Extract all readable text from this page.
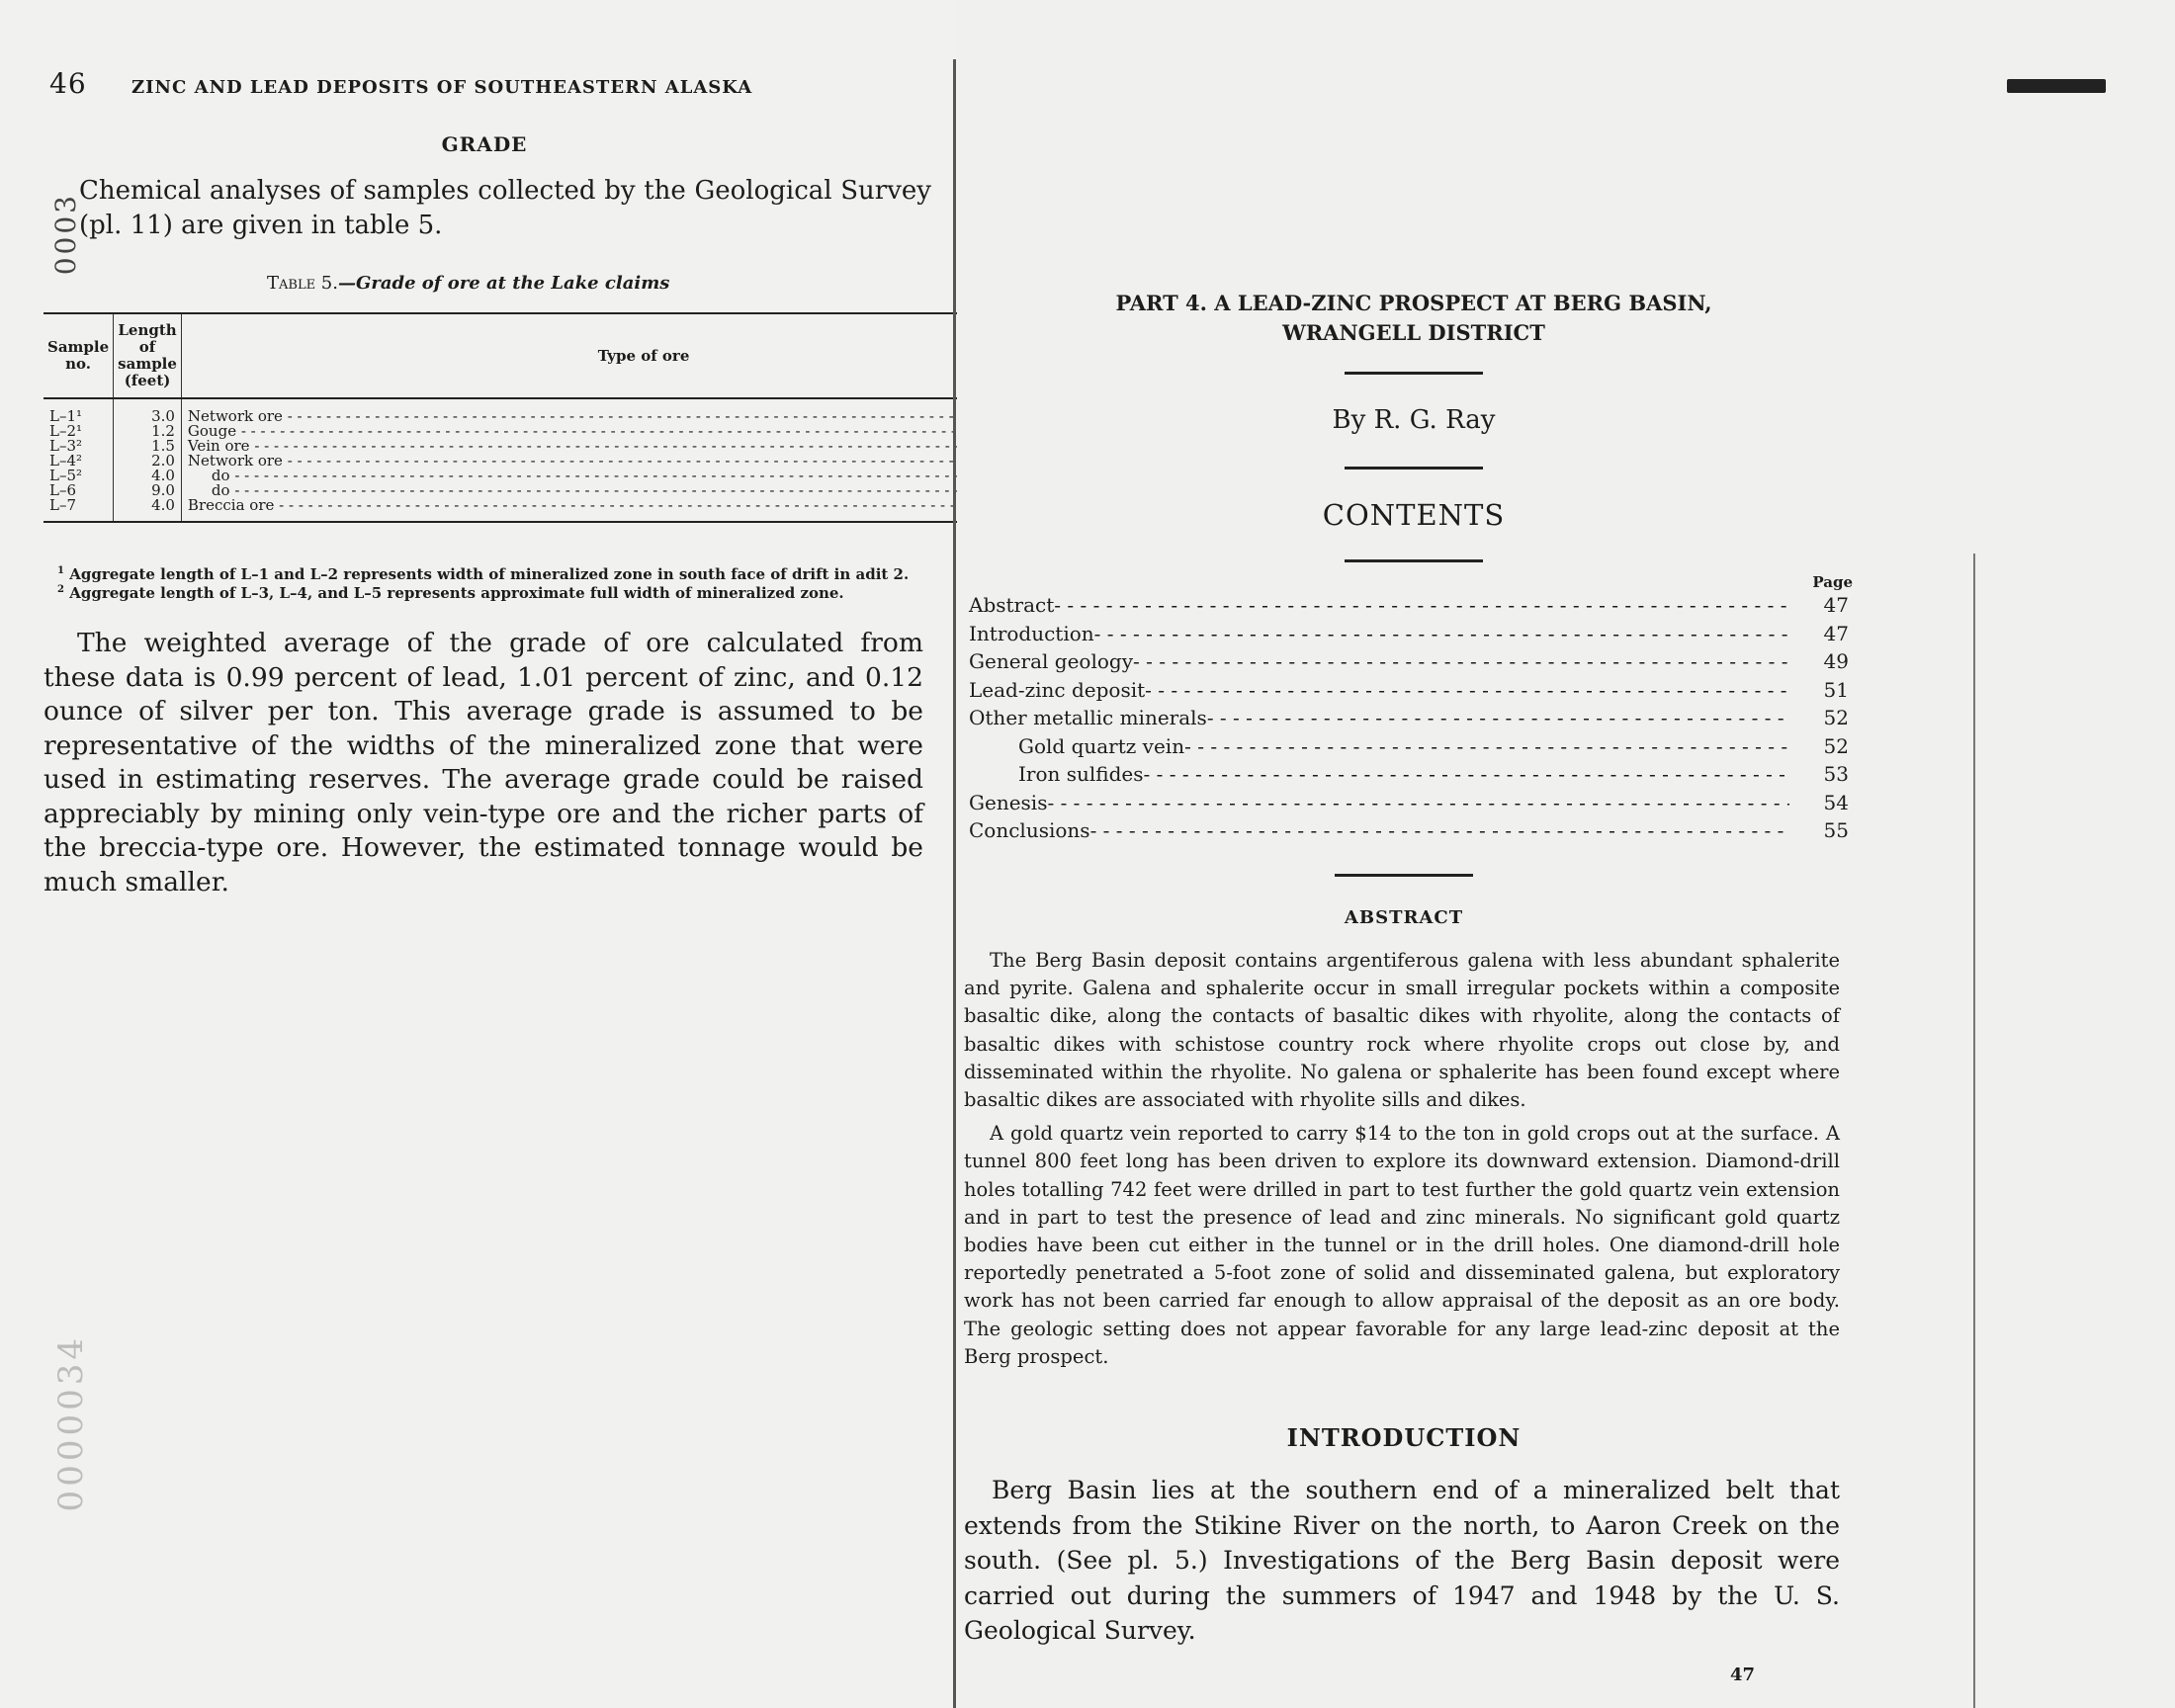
46	ZINC AND LEAD DEPOSITS OF SOUTHEASTERN ALASKA
GRADE
Chemical analyses of samples collected by the Geological Survey (pl. 11) are given in table 5.
0003
Table 5.—Grade of ore at the Lake claims
Sample no.	Length of sample (feet)	Type of ore			
L–1¹	3.0	Network ore - - -			
L–2¹	1.2	Gouge - - -			
L–3²	1.5	Vein ore - - -			
L–4²	2.0	Network ore - - -			
L–5²	4.0	do - - -			
L–6	9.0	do - - -			
L–7	4.0	Breccia ore - - -			
$^1$ Aggregate length of L–1 and L–2 represents width of mineralized zone in south face of drift in adit 2.
$^2$ Aggregate length of L–3, L–4, and L–5 represents approximate full width of mineralized zone.
The weighted average of the grade of ore calculated from these data is 0.99 percent of lead, 1.01 percent of zinc, and 0.12 ounce of silver per ton. This average grade is assumed to be representative of the widths of the mineralized zone that were used in estimating reserves. The average grade could be raised appreciably by mining only vein-type ore and the richer parts of the breccia-type ore. However, the estimated tonnage would be much smaller.
0000034
PART 4. A LEAD-ZINC PROSPECT AT BERG BASIN,
WRANGELL DISTRICT
By R. G. Ray
CONTENTS
Page
Abstract - - -	47
Introduction - - -	47
General geology - - -	49
Lead-zinc deposit - - -	51
Other metallic minerals - - -	52
Gold quartz vein - - -	52
Iron sulfides - - -	53
Genesis - - -	54
Conclusions - - -	55
ABSTRACT

The Berg Basin deposit contains argentiferous galena with less abundant sphalerite and pyrite. Galena and sphalerite occur in small irregular pockets within a composite basaltic dike, along the contacts of basaltic dikes with rhyolite, along the contacts of basaltic dikes with schistose country rock where rhyolite crops out close by, and disseminated within the rhyolite. No galena or sphalerite has been found except where basaltic dikes are associated with rhyolite sills and dikes.

A gold quartz vein reported to carry $14 to the ton in gold crops out at the surface. A tunnel 800 feet long has been driven to explore its downward extension. Diamond-drill holes totalling 742 feet were drilled in part to test further the gold quartz vein extension and in part to test the presence of lead and zinc minerals. No significant gold quartz bodies have been cut either in the tunnel or in the drill holes. One diamond-drill hole reportedly penetrated a 5-foot zone of solid and disseminated galena, but exploratory work has not been carried far enough to allow appraisal of the deposit as an ore body. The geologic setting does not appear favorable for any large lead-zinc deposit at the Berg prospect.

INTRODUCTION

Berg Basin lies at the southern end of a mineralized belt that extends from the Stikine River on the north, to Aaron Creek on the south. (See pl. 5.) Investigations of the Berg Basin deposit were carried out during the summers of 1947 and 1948 by the U. S. Geological Survey.

47
